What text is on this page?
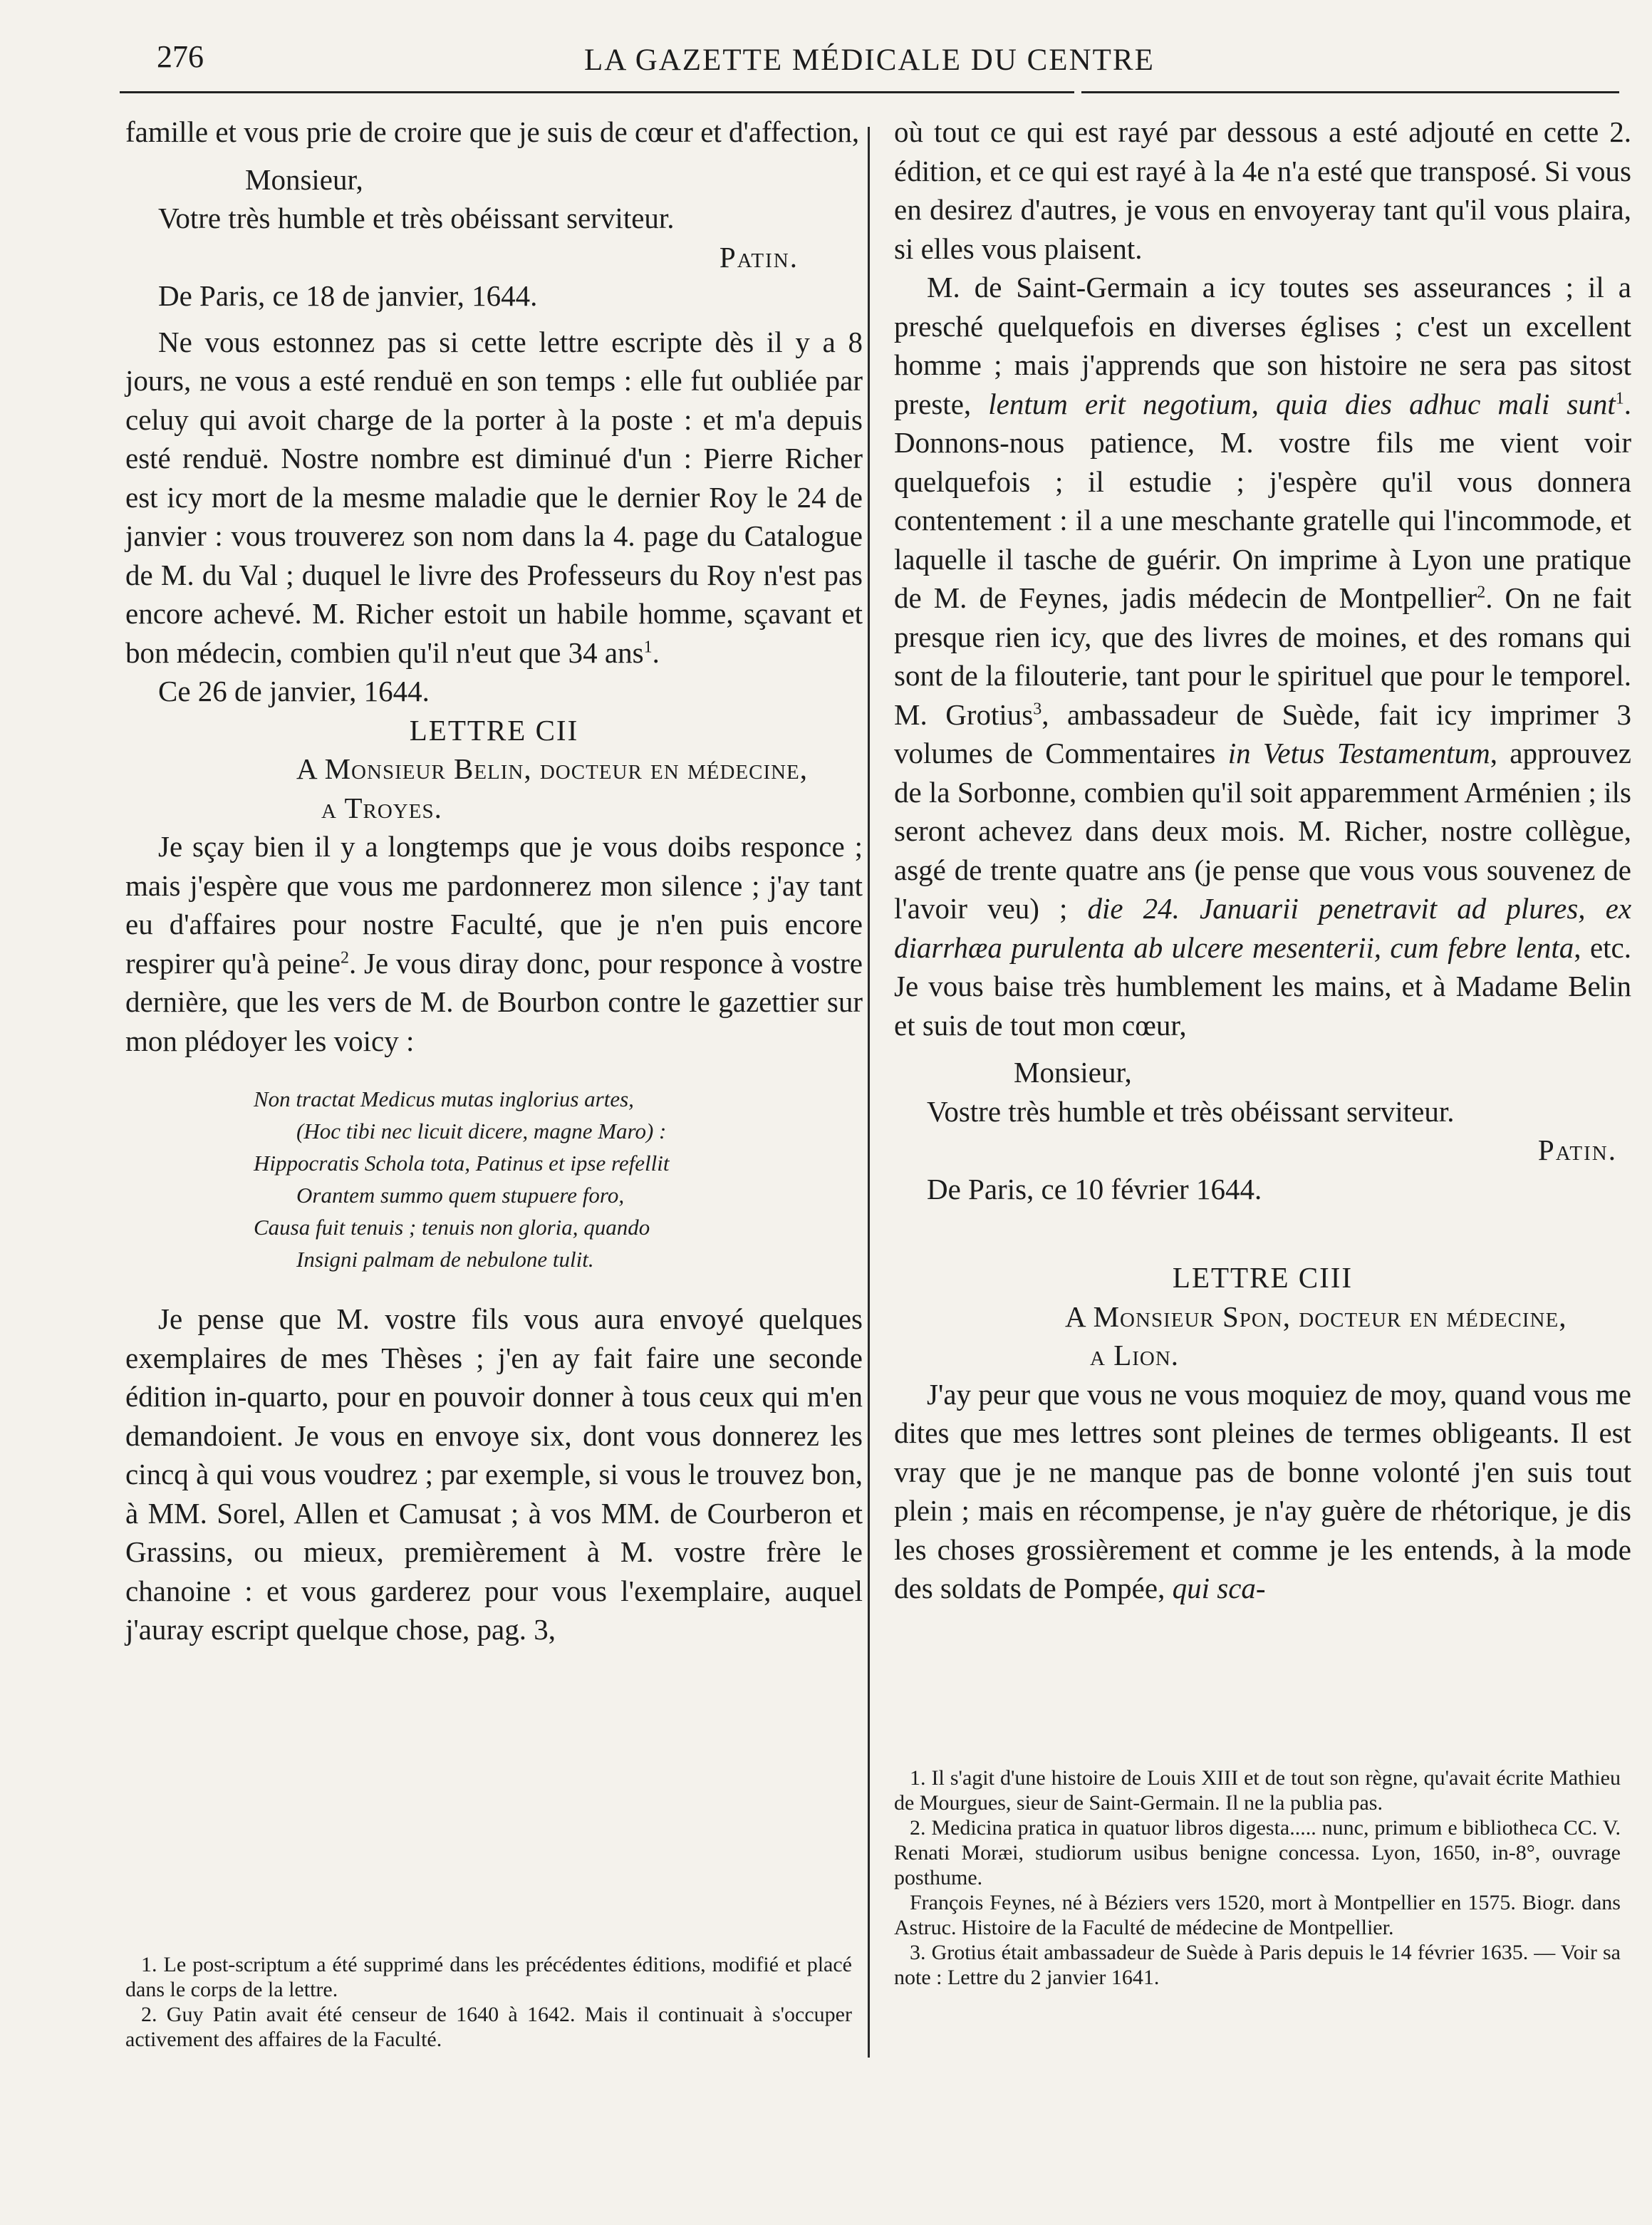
276	LA GAZETTE MÉDICALE DU CENTRE

famille et vous prie de croire que je suis de cœur et d'affection,

Monsieur,

Votre très humble et très obéissant serviteur.

Patin.

De Paris, ce 18 de janvier, 1644.

Ne vous estonnez pas si cette lettre escripte dès il y a 8 jours, ne vous a esté renduë en son temps : elle fut oubliée par celuy qui avoit charge de la porter à la poste : et m'a depuis esté renduë. Nostre nombre est diminué d'un : Pierre Richer est icy mort de la mesme maladie que le dernier Roy le 24 de janvier : vous trouverez son nom dans la 4. page du Catalogue de M. du Val ; duquel le livre des Professeurs du Roy n'est pas encore achevé. M. Richer estoit un habile homme, sçavant et bon médecin, combien qu'il n'eut que 34 ans$^1$.

Ce 26 de janvier, 1644.

LETTRE CII

A Monsieur Belin, docteur en médecine,

a Troyes.

Je sçay bien il y a longtemps que je vous doibs responce ; mais j'espère que vous me pardonnerez mon silence ; j'ay tant eu d'affaires pour nostre Faculté, que je n'en puis encore respirer qu'à peine$^2$. Je vous diray donc, pour responce à vostre dernière, que les vers de M. de Bourbon contre le gazettier sur mon plédoyer les voicy :

Non tractat Medicus mutas inglorius artes,
(Hoc tibi nec licuit dicere, magne Maro) :
Hippocratis Schola tota, Patinus et ipse refellit
Orantem summo quem stupuere foro,
Causa fuit tenuis ; tenuis non gloria, quando
Insigni palmam de nebulone tulit.

Je pense que M. vostre fils vous aura envoyé quelques exemplaires de mes Thèses ; j'en ay fait faire une seconde édition in-quarto, pour en pouvoir donner à tous ceux qui m'en demandoient. Je vous en envoye six, dont vous donnerez les cincq à qui vous voudrez ; par exemple, si vous le trouvez bon, à MM. Sorel, Allen et Camusat ; à vos MM. de Courberon et Grassins, ou mieux, premièrement à M. vostre frère le chanoine : et vous garderez pour vous l'exemplaire, auquel j'auray escript quelque chose, pag. 3,

1. Le post-scriptum a été supprimé dans les précédentes éditions, modifié et placé dans le corps de la lettre.

2. Guy Patin avait été censeur de 1640 à 1642. Mais il continuait à s'occuper activement des affaires de la Faculté.

où tout ce qui est rayé par dessous a esté adjouté en cette 2. édition, et ce qui est rayé à la 4e n'a esté que transposé. Si vous en desirez d'autres, je vous en envoyeray tant qu'il vous plaira, si elles vous plaisent.

M. de Saint-Germain a icy toutes ses asseurances ; il a presché quelquefois en diverses églises ; c'est un excellent homme ; mais j'apprends que son histoire ne sera pas sitost preste, lentum erit negotium, quia dies adhuc mali sunt$^1$. Donnons-nous patience, M. vostre fils me vient voir quelquefois ; il estudie ; j'espère qu'il vous donnera contentement : il a une meschante gratelle qui l'incommode, et laquelle il tasche de guérir. On imprime à Lyon une pratique de M. de Feynes, jadis médecin de Montpellier$^2$. On ne fait presque rien icy, que des livres de moines, et des romans qui sont de la filouterie, tant pour le spirituel que pour le temporel. M. Grotius$^3$, ambassadeur de Suède, fait icy imprimer 3 volumes de Commentaires in Vetus Testamentum, approuvez de la Sorbonne, combien qu'il soit apparemment Arménien ; ils seront achevez dans deux mois. M. Richer, nostre collègue, asgé de trente quatre ans (je pense que vous vous souvenez de l'avoir veu) ; die 24. Januarii penetravit ad plures, ex diarrhæa purulenta ab ulcere mesenterii, cum febre lenta, etc. Je vous baise très humblement les mains, et à Madame Belin et suis de tout mon cœur,

Monsieur,

Vostre très humble et très obéissant serviteur.

Patin.

De Paris, ce 10 février 1644.

LETTRE CIII

A Monsieur Spon, docteur en médecine,

a Lion.

J'ay peur que vous ne vous moquiez de moy, quand vous me dites que mes lettres sont pleines de termes obligeants. Il est vray que je ne manque pas de bonne volonté j'en suis tout plein ; mais en récompense, je n'ay guère de rhétorique, je dis les choses grossièrement et comme je les entends, à la mode des soldats de Pompée, qui sca-

1. Il s'agit d'une histoire de Louis XIII et de tout son règne, qu'avait écrite Mathieu de Mourgues, sieur de Saint-Germain. Il ne la publia pas.

2. Medicina pratica in quatuor libros digesta..... nunc, primum e bibliotheca CC. V. Renati Moræi, studiorum usibus benigne concessa. Lyon, 1650, in-8°, ouvrage posthume.

François Feynes, né à Béziers vers 1520, mort à Montpellier en 1575. Biogr. dans Astruc. Histoire de la Faculté de médecine de Montpellier.

3. Grotius était ambassadeur de Suède à Paris depuis le 14 février 1635. — Voir sa note : Lettre du 2 janvier 1641.
